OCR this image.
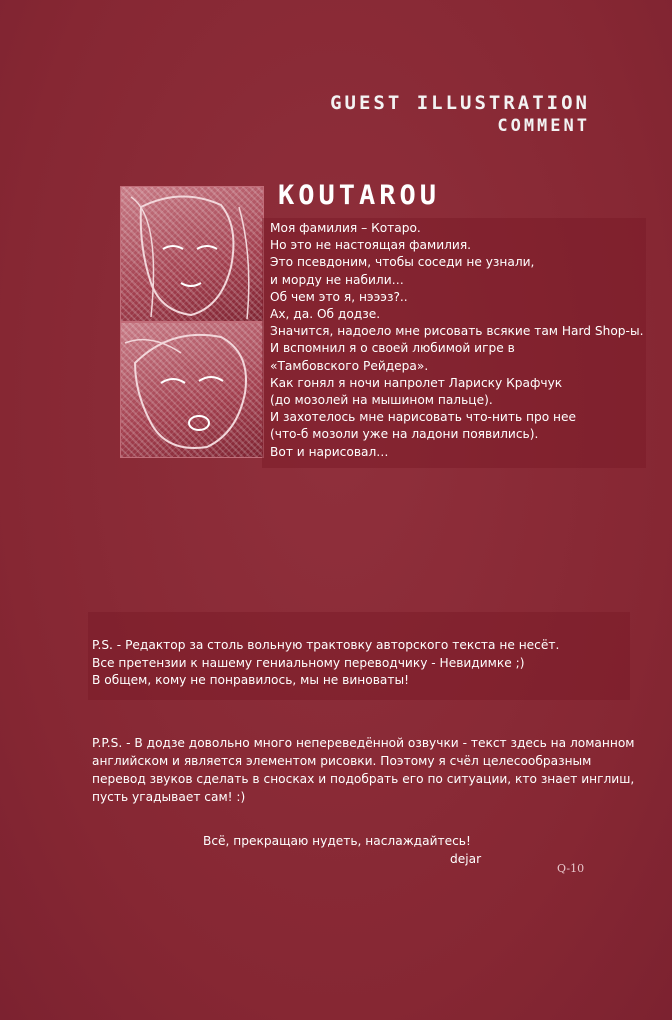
GUEST ILLUSTRATION
COMMENT
KOUTAROU
Моя фамилия – Котаро.
Но это не настоящая фамилия.
Это псевдоним, чтобы соседи не узнали,
и морду не набили…
Об чем это я, нэээз?..
Ах, да. Об додзе.
Значится, надоело мне рисовать всякие там Hard Shop-ы.
И вспомнил я о своей любимой игре в
«Тамбовского Рейдера».
Как гонял я ночи напролет Лариску Крафчук
(до мозолей на мышином пальце).
И захотелось мне нарисовать что-нить про нее
(что-б мозоли уже на ладони появились).
Вот и нарисовал…
P.S. - Редактор за столь вольную трактовку авторского текста не несёт.
Все претензии к нашему гениальному переводчику - Невидимке ;)
В общем, кому не понравилось, мы не виноваты!
P.P.S. - В додзе довольно много непереведённой озвучки - текст здесь на ломанном
английском и является элементом рисовки. Поэтому я счёл целесообразным
перевод звуков сделать в сносках и подобрать его по ситуации, кто знает инглиш,
пусть угадывает сам! :)
Всё, прекращаю нудеть, наслаждайтесь!
dejar
Q-10
